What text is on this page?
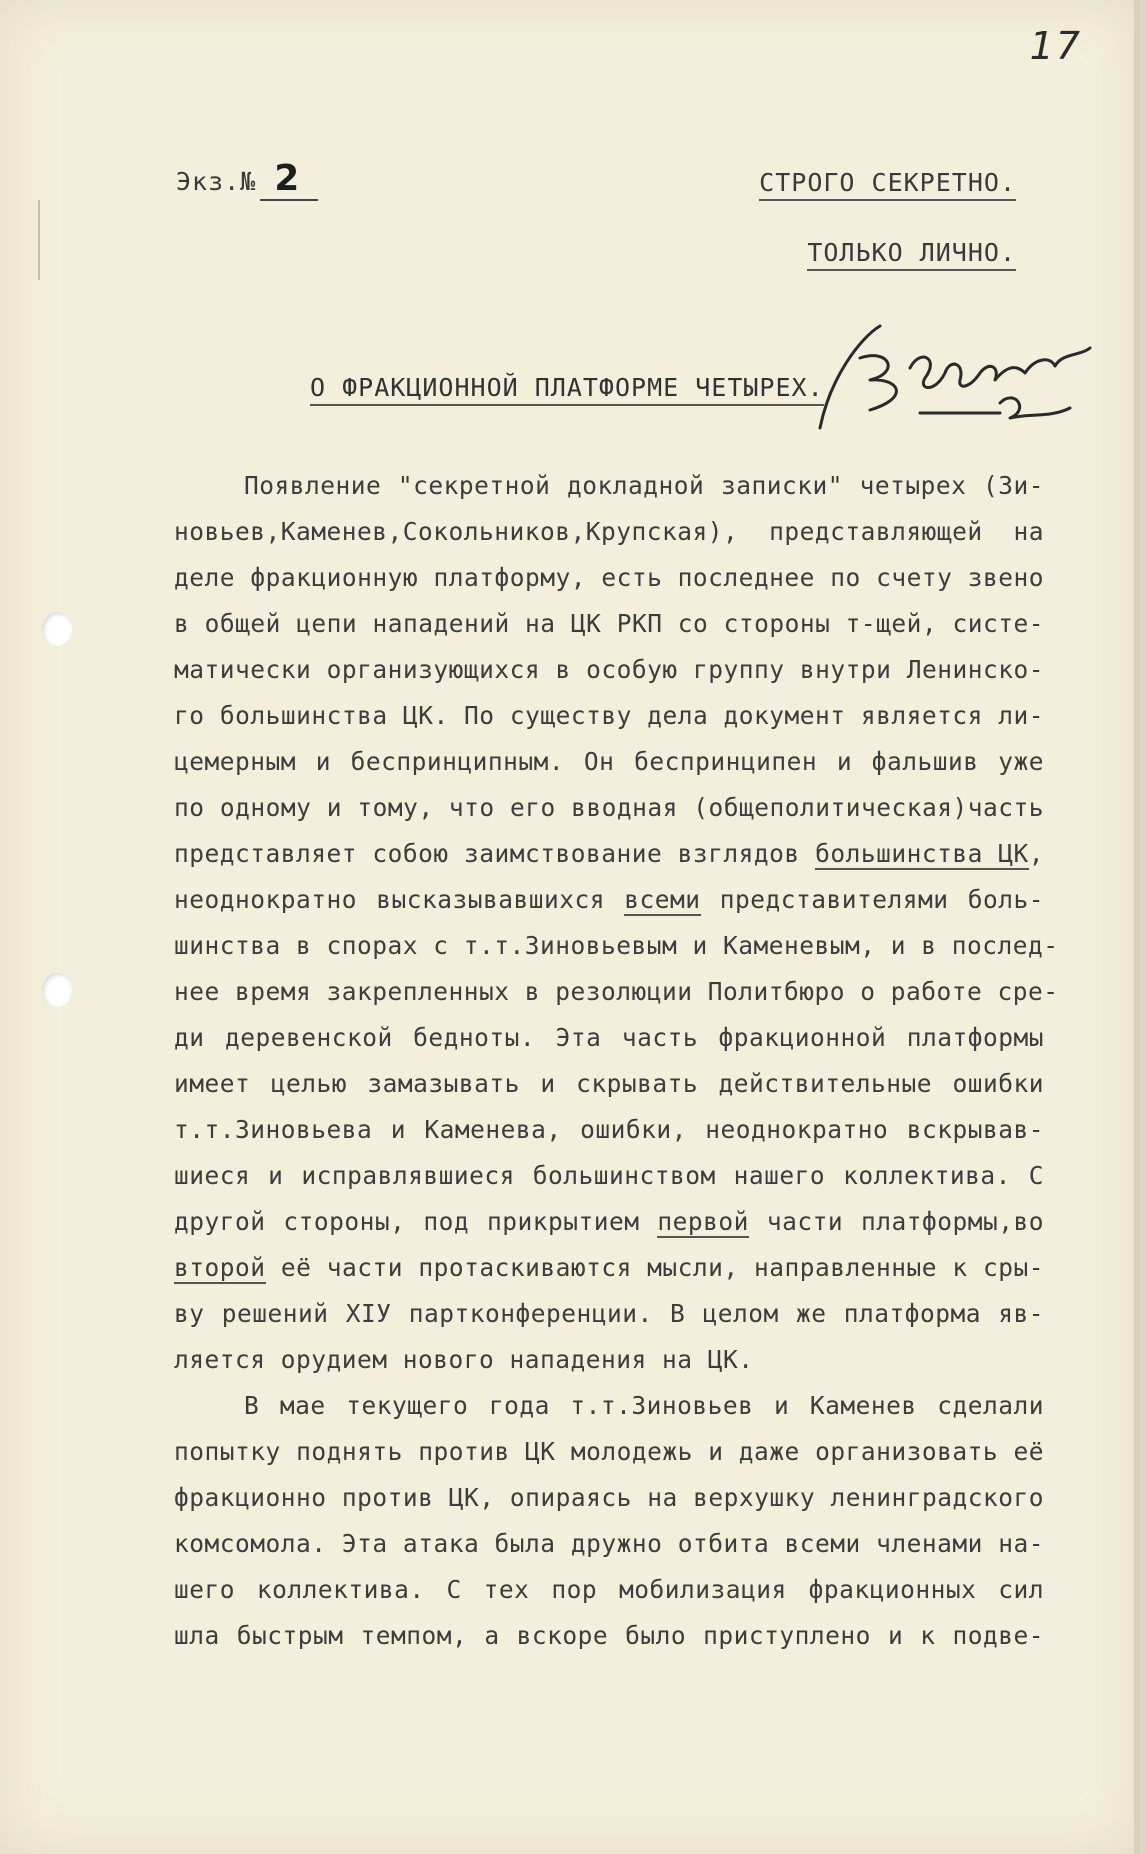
17
Экз.№ 2	СТРОГО СЕКРЕТНО.
ТОЛЬКО ЛИЧНО.
О ФРАКЦИОННОЙ ПЛАТФОРМЕ ЧЕТЫРЕХ.
Появление "секретной докладной записки" четырех (Зи-
новьев,Каменев,Сокольников,Крупская), представляющей на
деле фракционную платформу, есть последнее по счету звено
в общей цепи нападений на ЦК РКП со стороны т-щей, систе-
матически организующихся в особую группу внутри Ленинско-
го большинства ЦК. По существу дела документ является ли-
цемерным и беспринципным. Он беспринципен и фальшив уже
по одному и тому, что его вводная (общеполитическая)часть
представляет собою заимствование взглядов большинства ЦК,
неоднократно высказывавшихся всеми представителями боль-
шинства в спорах с т.т.Зиновьевым и Каменевым, и в послед-
нее время закрепленных в резолюции Политбюро о работе сре-
ди деревенской бедноты. Эта часть фракционной платформы
имеет целью замазывать и скрывать действительные ошибки
т.т.Зиновьева и Каменева, ошибки, неоднократно вскрывав-
шиеся и исправлявшиеся большинством нашего коллектива. С
другой стороны, под прикрытием первой части платформы,во
второй её части протаскиваются мысли, направленные к сры-
ву решений XIУ партконференции. В целом же платформа яв-
ляется орудием нового нападения на ЦК.
В мае текущего года т.т.Зиновьев и Каменев сделали
попытку поднять против ЦК молодежь и даже организовать её
фракционно против ЦК, опираясь на верхушку ленинградского
комсомола. Эта атака была дружно отбита всеми членами на-
шего коллектива. С тех пор мобилизация фракционных сил
шла быстрым темпом, а вскоре было приступлено и к подве-
